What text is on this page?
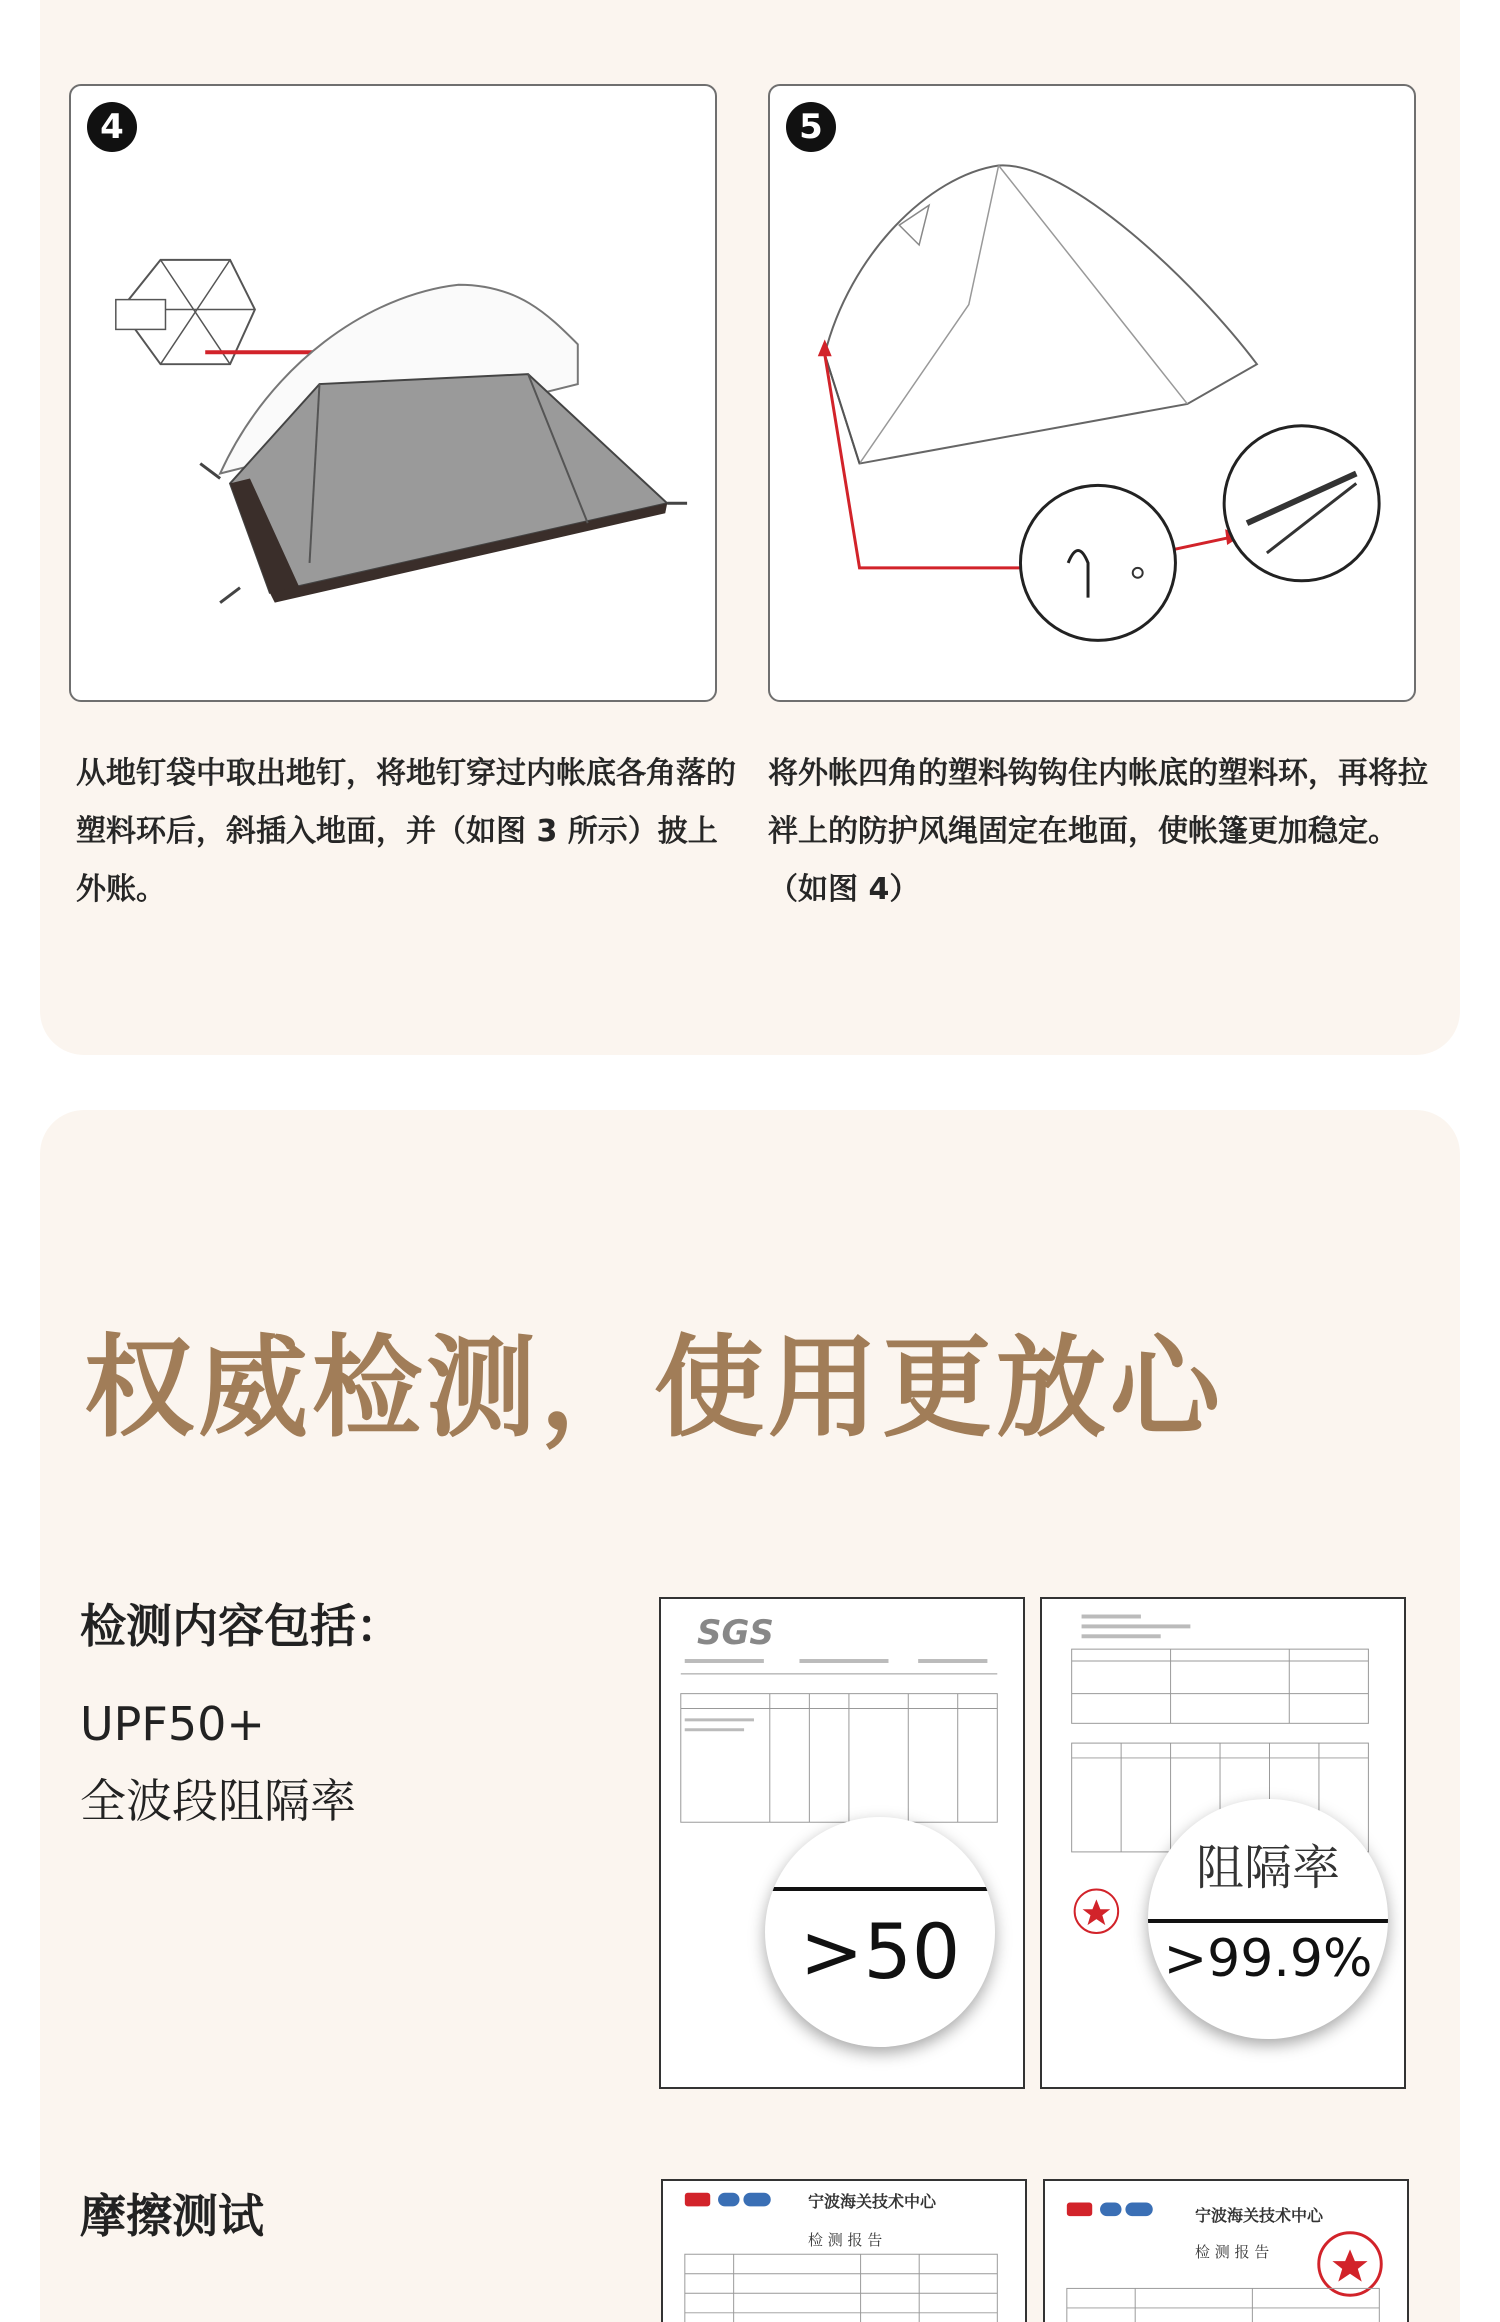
4	5
从地钉袋中取出地钉，将地钉穿过内帐底各角落的塑料环后，斜插入地面，并（如图 3 所示）披上外账。
将外帐四角的塑料钩钩住内帐底的塑料环，再将拉袢上的防护风绳固定在地面，使帐篷更加稳定。（如图 4）
权威检测，使用更放心
检测内容包括：
UPF50+
全波段阻隔率
SGS
>50
阻隔率
>99.9%
摩擦测试	宁波海关技术中心
检 测 报 告
宁波海关技术中心
检 测 报 告
